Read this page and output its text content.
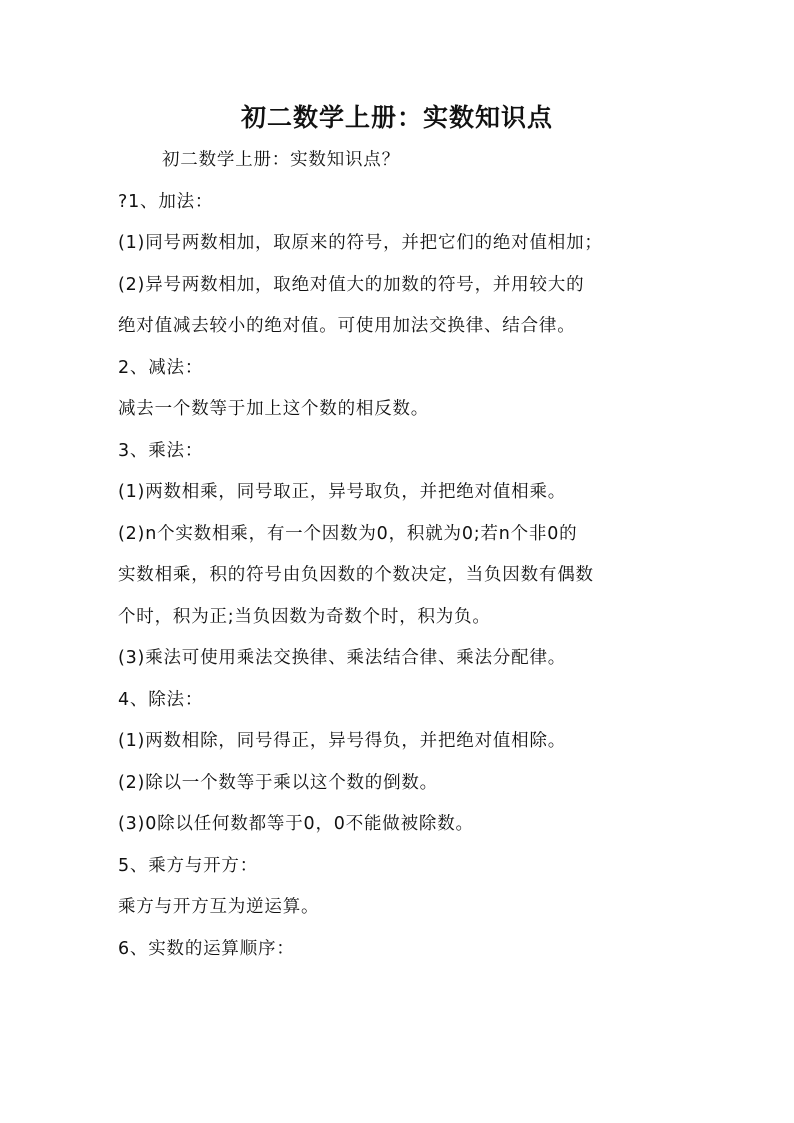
初二数学上册：实数知识点
初二数学上册：实数知识点？
?1、加法：
(1)同号两数相加，取原来的符号，并把它们的绝对值相加；
(2)异号两数相加，取绝对值大的加数的符号，并用较大的
绝对值减去较小的绝对值。可使用加法交换律、结合律。
2、减法：
减去一个数等于加上这个数的相反数。
3、乘法：
(1)两数相乘，同号取正，异号取负，并把绝对值相乘。
(2)n个实数相乘，有一个因数为0，积就为0;若n个非0的
实数相乘，积的符号由负因数的个数决定，当负因数有偶数
个时，积为正;当负因数为奇数个时，积为负。
(3)乘法可使用乘法交换律、乘法结合律、乘法分配律。
4、除法：
(1)两数相除，同号得正，异号得负，并把绝对值相除。
(2)除以一个数等于乘以这个数的倒数。
(3)0除以任何数都等于0，0不能做被除数。
5、乘方与开方：
乘方与开方互为逆运算。
6、实数的运算顺序：
